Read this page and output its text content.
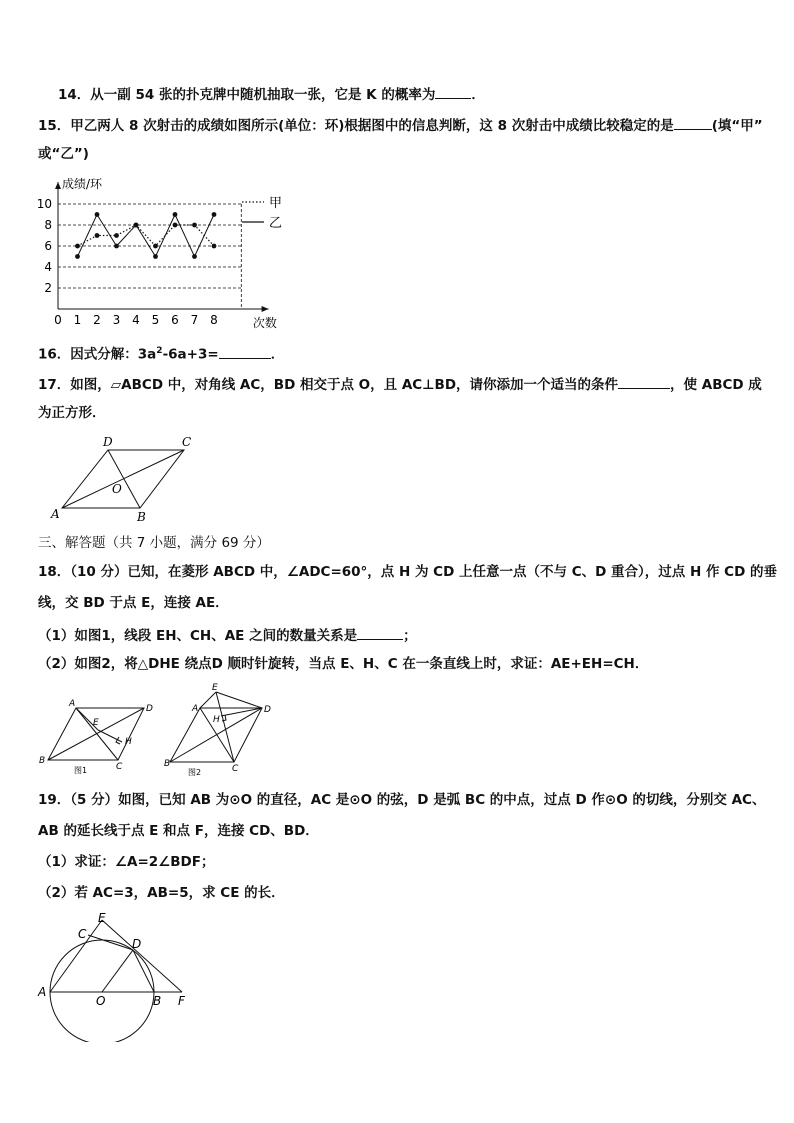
14．从一副 54 张的扑克牌中随机抽取一张，它是 K 的概率为	．
15．甲乙两人 8 次射击的成绩如图所示(单位：环)根据图中的信息判断，这 8 次射击中成绩比较稳定的是	(填“甲”
或“乙”)
成绩/环
次数
0 1 2 3 4 5 6 7 8
2
4
6
8
10	甲
乙
16．因式分解：$3a^2-6a+3=$	．
17．如图，▱ABCD 中，对角线 AC，BD 相交于点 O，且 AC⊥BD，请你添加一个适当的条件	，使 ABCD 成
为正方形．
A	B
C
D
O
三、解答题（共 7 小题，满分 69 分）
18．（10 分）已知，在菱形 ABCD 中，∠ADC=60°，点 H 为 CD 上任意一点（不与 C、D 重合），过点 H 作 CD 的垂
线，交 BD 于点 E，连接 AE．
（1）如图1，线段 EH、CH、AE 之间的数量关系是	；
（2）如图2，将△DHE 绕点D 顺时针旋转，当点 E、H、C 在一条直线上时，求证：AE+EH=CH．
A	D
B
C
E
H
图1
E
A	D
H
B	C
图2
19．（5 分）如图，已知 AB 为⊙O 的直径，AC 是⊙O 的弦，D 是弧 BC 的中点，过点 D 作⊙O 的切线，分别交 AC、
AB 的延长线于点 E 和点 F，连接 CD、BD．
（1）求证：∠A=2∠BDF；
（2）若 AC=3，AB=5，求 CE 的长．
E
C
D
A
O	B F
